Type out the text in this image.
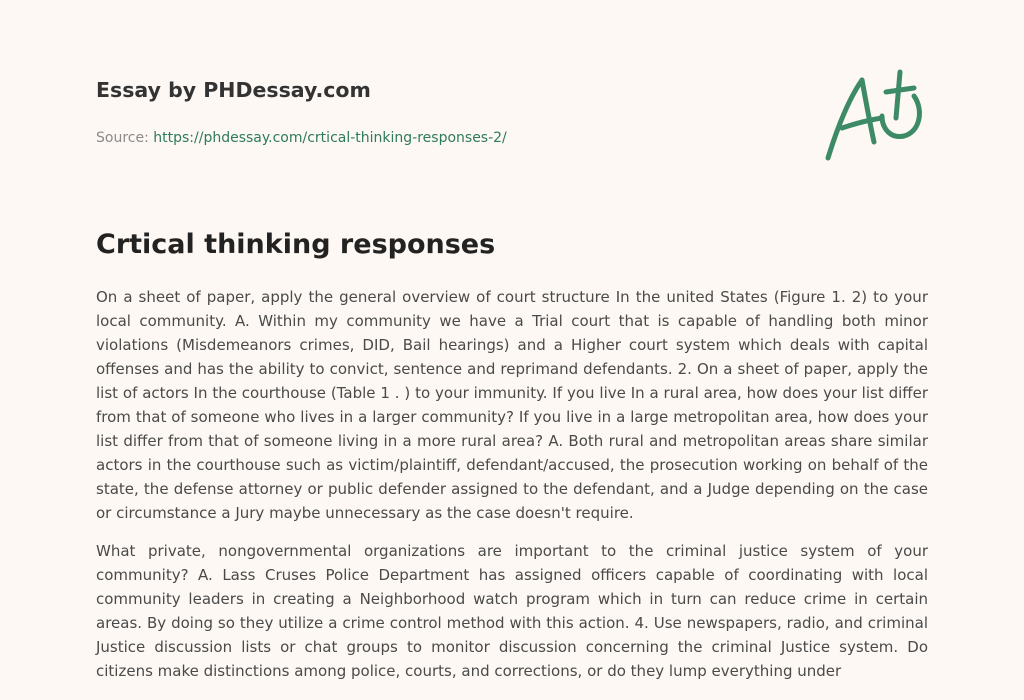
Essay by PHDessay.com
Source: https://phdessay.com/crtical-thinking-responses-2/
Crtical thinking responses

On a sheet of paper, apply the general overview of court structure In the united States (Figure 1. 2) to your local community. A. Within my community we have a Trial court that is capable of handling both minor violations (Misdemeanors crimes, DID, Bail hearings) and a Higher court system which deals with capital offenses and has the ability to convict, sentence and reprimand defendants. 2. On a sheet of paper, apply the list of actors In the courthouse (Table 1 . ) to your immunity. If you live In a rural area, how does your list differ from that of someone who lives in a larger community? If you live in a large metropolitan area, how does your list differ from that of someone living in a more rural area? A. Both rural and metropolitan areas share similar actors in the courthouse such as victim/plaintiff, defendant/accused, the prosecution working on behalf of the state, the defense attorney or public defender assigned to the defendant, and a Judge depending on the case or circumstance a Jury maybe unnecessary as the case doesn't require.

What private, nongovernmental organizations are important to the criminal justice system of your community? A. Lass Cruses Police Department has assigned officers capable of coordinating with local community leaders in creating a Neighborhood watch program which in turn can reduce crime in certain areas. By doing so they utilize a crime control method with this action. 4. Use newspapers, radio, and criminal Justice discussion lists or chat groups to monitor discussion concerning the criminal Justice system. Do citizens make distinctions among police, courts, and corrections, or do they lump everything under
